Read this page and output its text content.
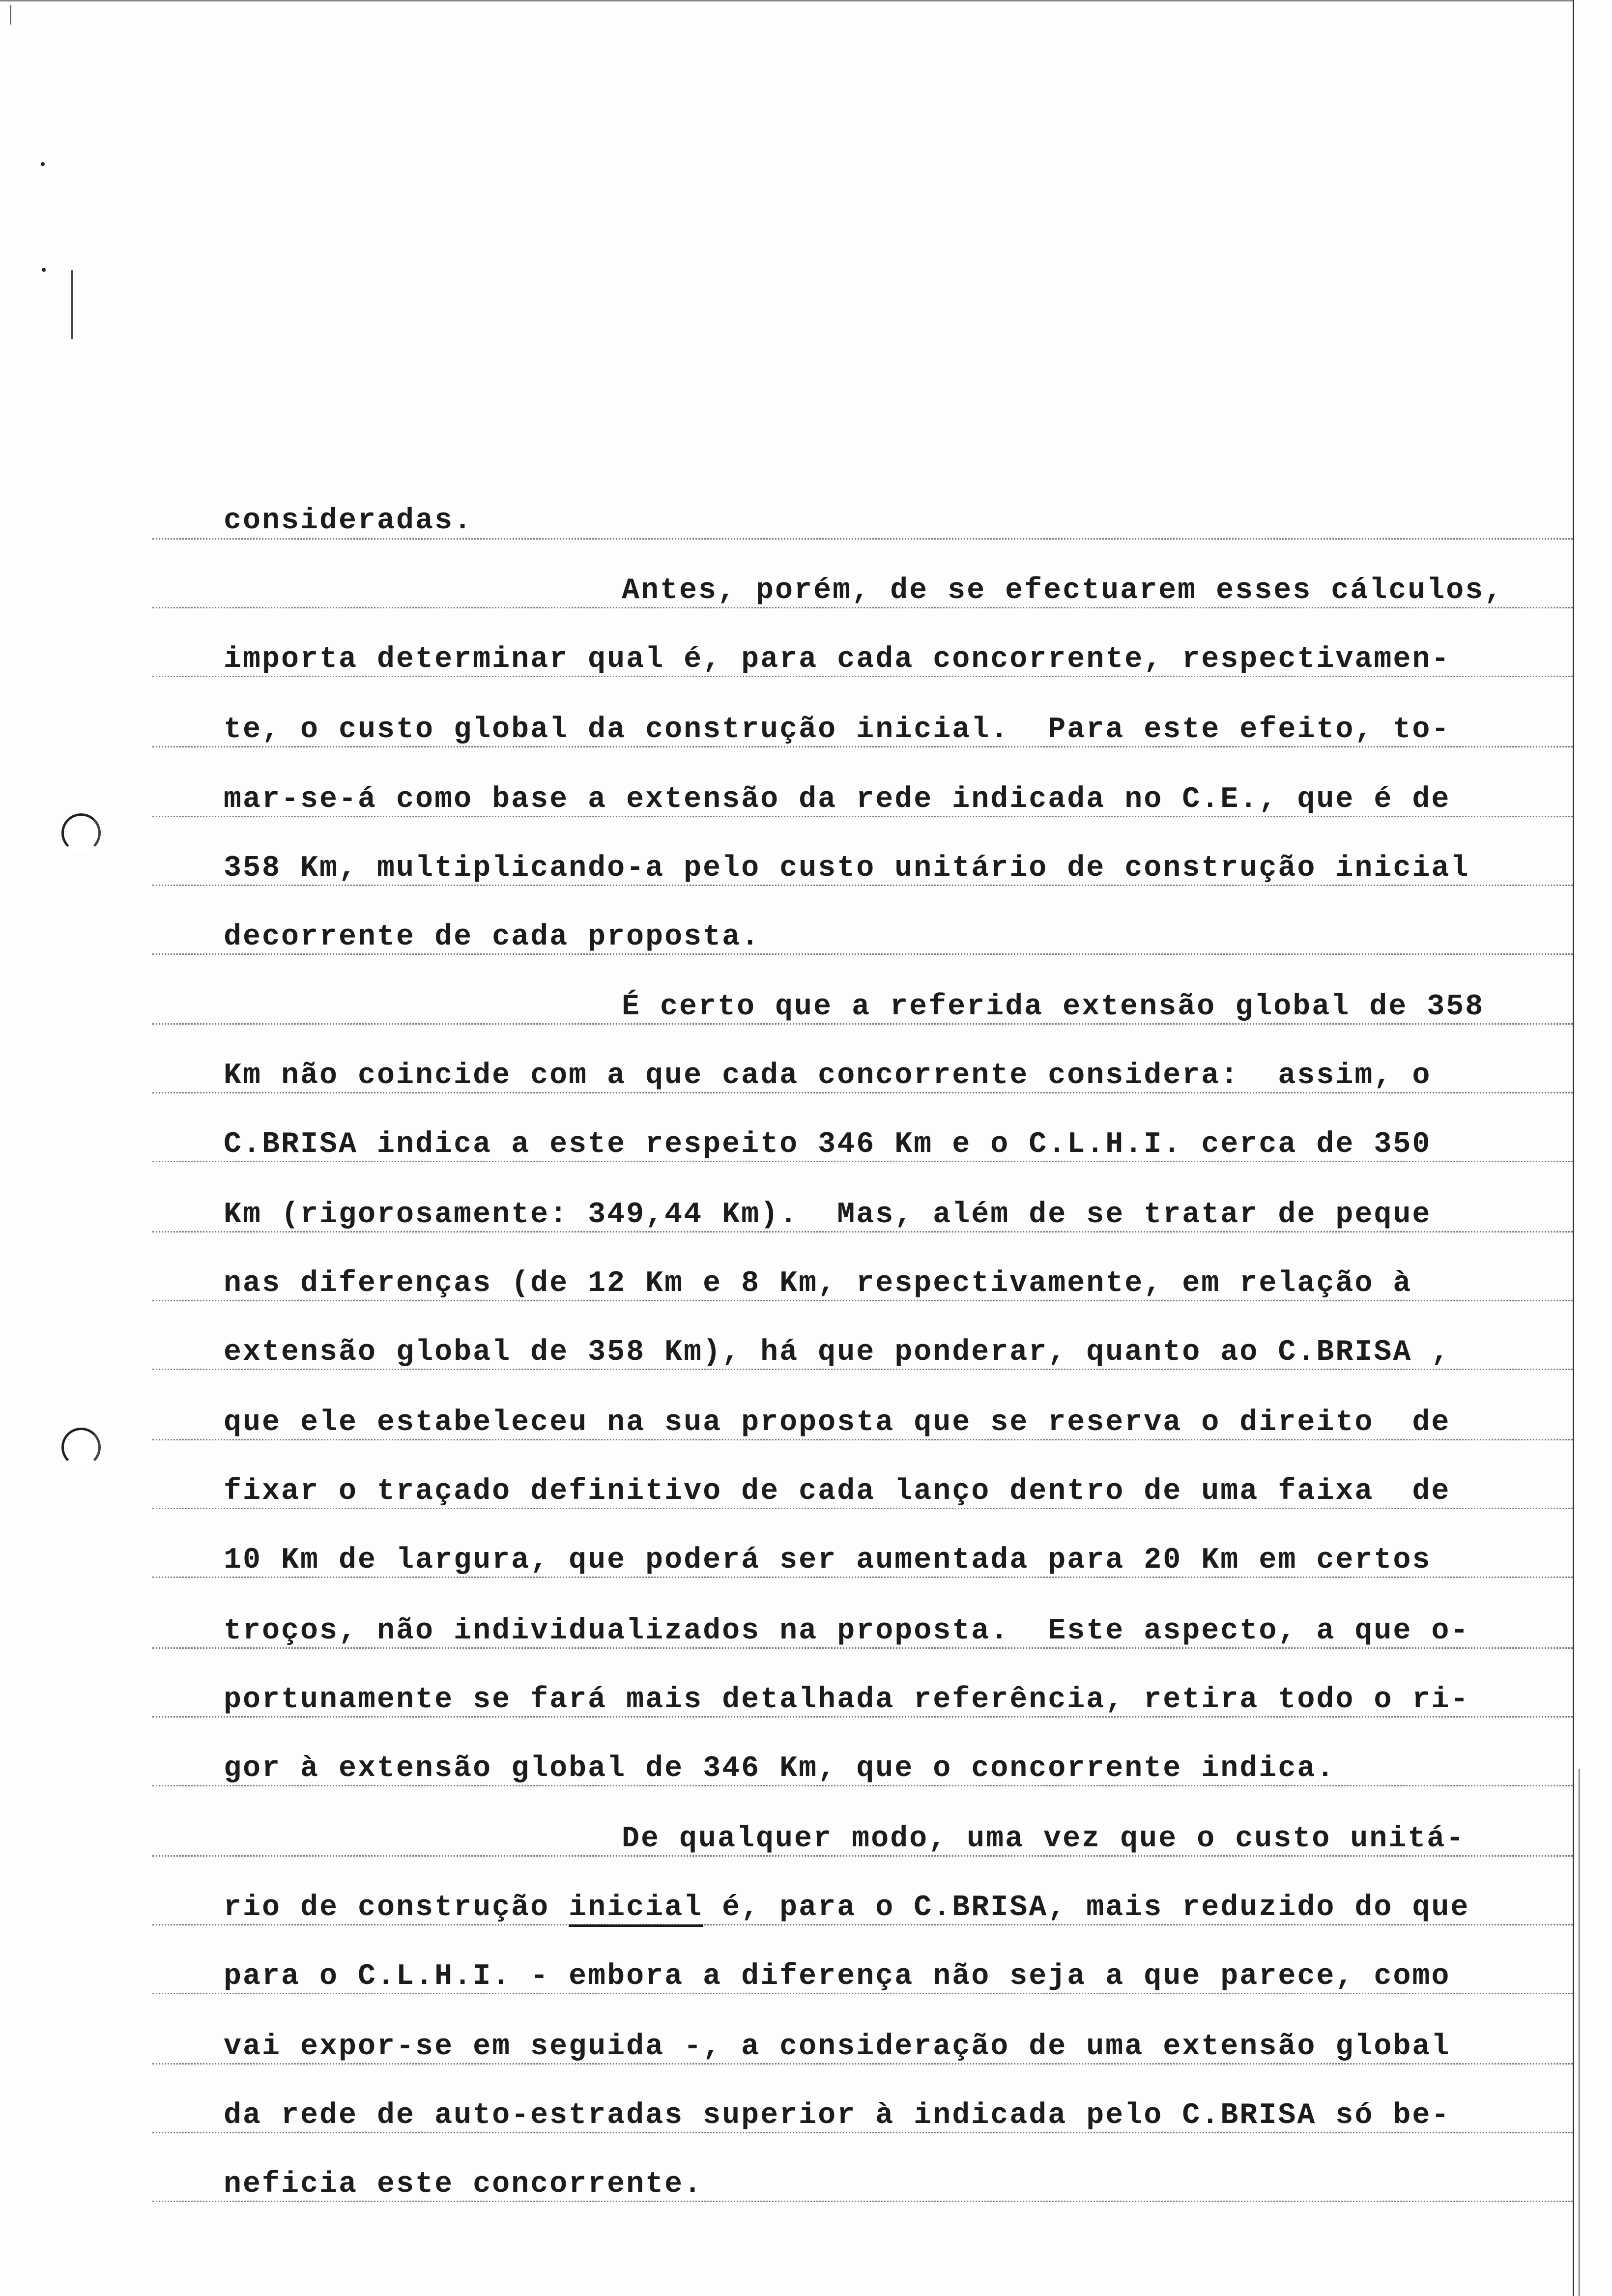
consideradas.
Antes, porém, de se efectuarem esses cálculos,
importa determinar qual é, para cada concorrente, respectivamen-
te, o custo global da construção inicial.  Para este efeito, to-
mar-se-á como base a extensão da rede indicada no C.E., que é de
358 Km, multiplicando-a pelo custo unitário de construção inicial
decorrente de cada proposta.
É certo que a referida extensão global de 358
Km não coincide com a que cada concorrente considera:  assim, o
C.BRISA indica a este respeito 346 Km e o C.L.H.I. cerca de 350
Km (rigorosamente: 349,44 Km).  Mas, além de se tratar de peque
nas diferenças (de 12 Km e 8 Km, respectivamente, em relação à
extensão global de 358 Km), há que ponderar, quanto ao C.BRISA ,
que ele estabeleceu na sua proposta que se reserva o direito  de
fixar o traçado definitivo de cada lanço dentro de uma faixa  de
10 Km de largura, que poderá ser aumentada para 20 Km em certos
troços, não individualizados na proposta.  Este aspecto, a que o-
portunamente se fará mais detalhada referência, retira todo o ri-
gor à extensão global de 346 Km, que o concorrente indica.
De qualquer modo, uma vez que o custo unitá-
rio de construção inicial é, para o C.BRISA, mais reduzido do que
para o C.L.H.I. - embora a diferença não seja a que parece, como
vai expor-se em seguida -, a consideração de uma extensão global
da rede de auto-estradas superior à indicada pelo C.BRISA só be-
neficia este concorrente.
